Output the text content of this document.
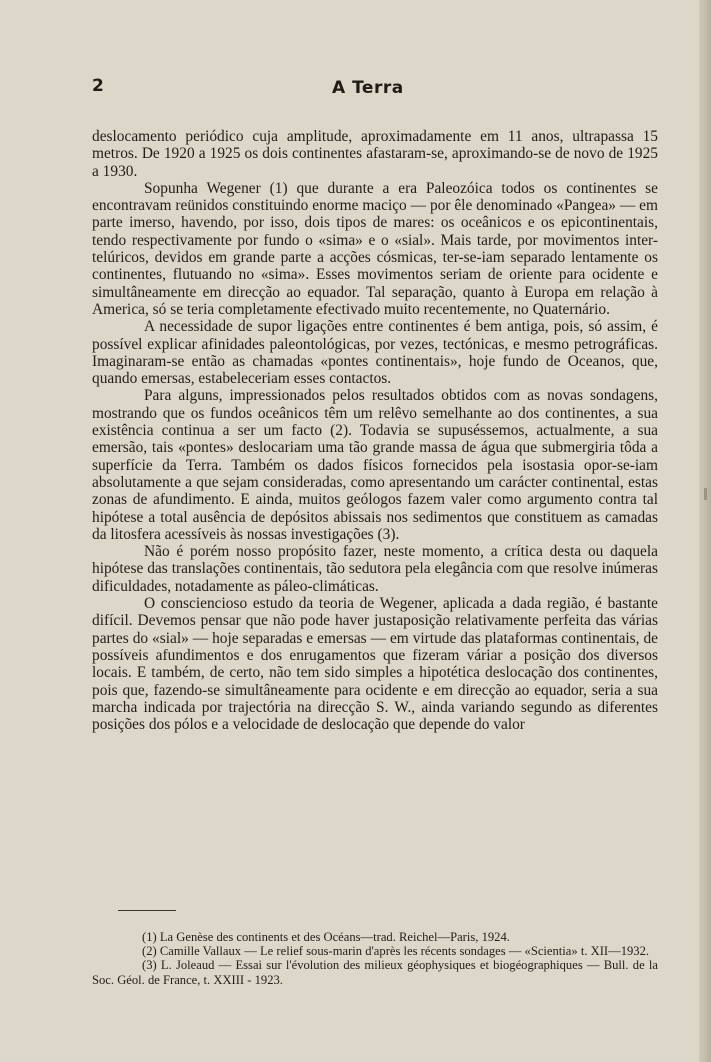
2	A Terra

deslocamento periódico cuja amplitude, aproximadamente em 11 anos, ultrapassa 15 metros. De 1920 a 1925 os dois continentes afastaram-se, aproximando-se de novo de 1925 a 1930.

Sopunha Wegener (1) que durante a era Paleozóica todos os continentes se encontravam reünidos constituindo enorme maciço — por êle denominado «Pangea» — em parte imerso, havendo, por isso, dois tipos de mares: os oceânicos e os epicontinentais, tendo respectivamente por fundo o «sima» e o «sial». Mais tarde, por movimentos inter-telúricos, devidos em grande parte a acções cósmicas, ter-se-iam separado lentamente os continentes, flutuando no «sima». Esses movimentos seriam de oriente para ocidente e simultâneamente em direcção ao equador. Tal separação, quanto à Europa em relação à America, só se teria completamente efectivado muito recentemente, no Quaternário.

A necessidade de supor ligações entre continentes é bem antiga, pois, só assim, é possível explicar afinidades paleontológicas, por vezes, tectónicas, e mesmo petrográficas. Imaginaram-se então as chamadas «pontes continentais», hoje fundo de Oceanos, que, quando emersas, estabeleceriam esses contactos.

Para alguns, impressionados pelos resultados obtidos com as novas sondagens, mostrando que os fundos oceânicos têm um relêvo semelhante ao dos continentes, a sua existência continua a ser um facto (2). Todavia se supuséssemos, actualmente, a sua emersão, tais «pontes» deslocariam uma tão grande massa de água que submergiria tôda a superfície da Terra. Também os dados físicos fornecidos pela isostasia opor-se-iam absolutamente a que sejam consideradas, como apresentando um carácter continental, estas zonas de afundimento. E ainda, muitos geólogos fazem valer como argumento contra tal hipótese a total ausência de depósitos abissais nos sedimentos que constituem as camadas da litosfera acessíveis às nossas investigações (3).

Não é porém nosso propósito fazer, neste momento, a crítica desta ou daquela hipótese das translações continentais, tão sedutora pela elegância com que resolve inúmeras dificuldades, notadamente as páleo-climáticas.

O consciencioso estudo da teoria de Wegener, aplicada a dada região, é bastante difícil. Devemos pensar que não pode haver justaposição relativamente perfeita das várias partes do «sial» — hoje separadas e emersas — em virtude das plataformas continentais, de possíveis afundimentos e dos enrugamentos que fizeram váriar a posição dos diversos locais. E também, de certo, não tem sido simples a hipotética deslocação dos continentes, pois que, fazendo-se simultâneamente para ocidente e em direcção ao equador, seria a sua marcha indicada por trajectória na direcção S. W., ainda variando segundo as diferentes posições dos pólos e a velocidade de deslocação que depende do valor

(1) La Genèse des continents et des Océans—trad. Reichel—Paris, 1924.

(2) Camille Vallaux — Le relief sous-marin d'après les récents sondages — «Scientia» t. XII—1932.

(3) L. Joleaud — Essai sur l'évolution des milieux géophysiques et biogéographiques — Bull. de la Soc. Géol. de France, t. XXIII - 1923.
